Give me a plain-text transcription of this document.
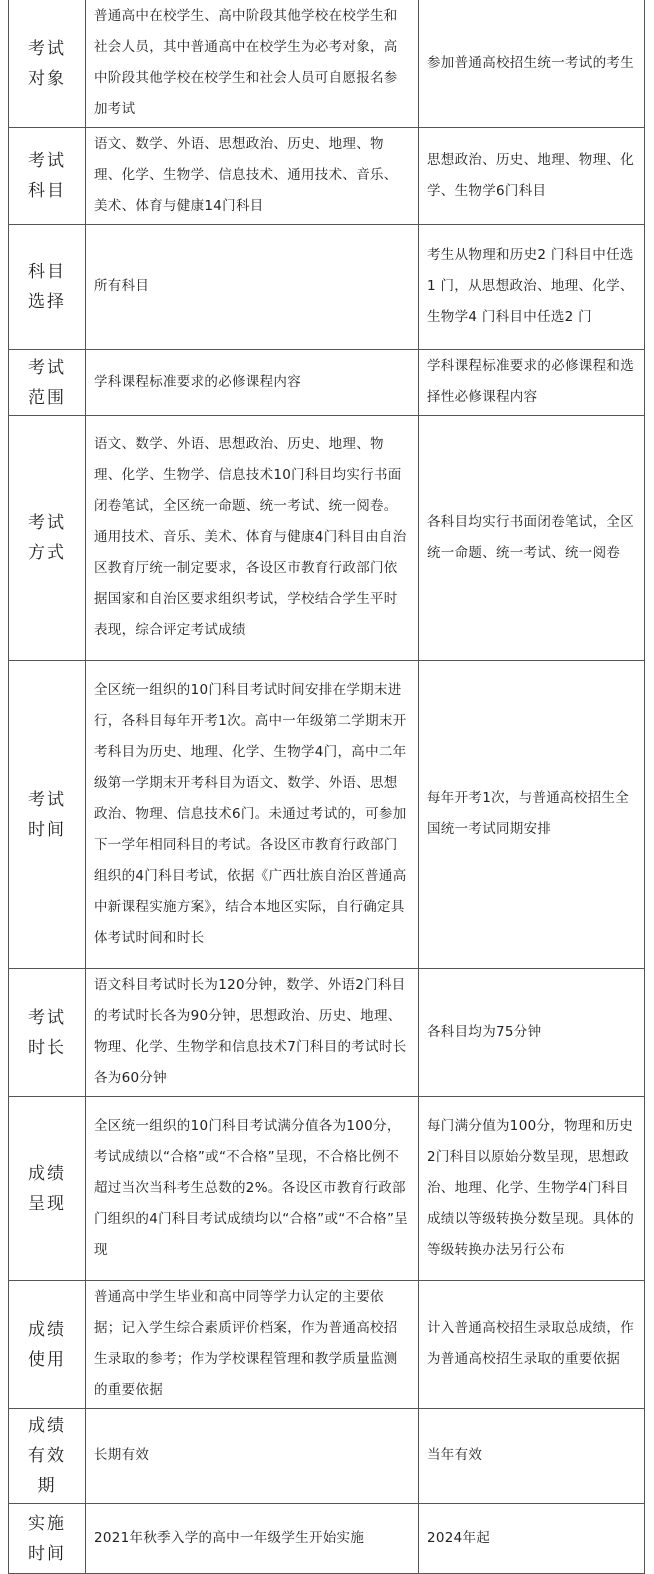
考试对象	普通高中在校学生、高中阶段其他学校在校学生和社会人员，其中普通高中在校学生为必考对象，高中阶段其他学校在校学生和社会人员可自愿报名参加考试	参加普通高校招生统一考试的考生
考试科目	语文、数学、外语、思想政治、历史、地理、物理、化学、生物学、信息技术、通用技术、音乐、美术、体育与健康14门科目	思想政治、历史、地理、物理、化学、生物学6门科目
科目选择	所有科目	考生从物理和历史2 门科目中任选1 门，从思想政治、地理、化学、生物学4 门科目中任选2 门
考试范围	学科课程标准要求的必修课程内容	学科课程标准要求的必修课程和选择性必修课程内容
考试方式	语文、数学、外语、思想政治、历史、地理、物理、化学、生物学、信息技术10门科目均实行书面闭卷笔试，全区统一命题、统一考试、统一阅卷。通用技术、音乐、美术、体育与健康4门科目由自治区教育厅统一制定要求，各设区市教育行政部门依据国家和自治区要求组织考试，学校结合学生平时表现，综合评定考试成绩	各科目均实行书面闭卷笔试，全区统一命题、统一考试、统一阅卷
考试时间	全区统一组织的10门科目考试时间安排在学期末进行，各科目每年开考1次。高中一年级第二学期末开考科目为历史、地理、化学、生物学4门，高中二年级第一学期末开考科目为语文、数学、外语、思想政治、物理、信息技术6门。未通过考试的，可参加下一学年相同科目的考试。各设区市教育行政部门组织的4门科目考试，依据《广西壮族自治区普通高中新课程实施方案》，结合本地区实际，自行确定具体考试时间和时长	每年开考1次，与普通高校招生全国统一考试同期安排
考试时长	语文科目考试时长为120分钟，数学、外语2门科目的考试时长各为90分钟，思想政治、历史、地理、物理、化学、生物学和信息技术7门科目的考试时长各为60分钟	各科目均为75分钟
成绩呈现	全区统一组织的10门科目考试满分值各为100分，考试成绩以“合格”或“不合格”呈现，不合格比例不超过当次当科考生总数的2%。各设区市教育行政部门组织的4门科目考试成绩均以“合格”或“不合格”呈现	每门满分值为100分，物理和历史2门科目以原始分数呈现，思想政治、地理、化学、生物学4门科目成绩以等级转换分数呈现。具体的等级转换办法另行公布
成绩使用	普通高中学生毕业和高中同等学力认定的主要依据；记入学生综合素质评价档案，作为普通高校招生录取的参考；作为学校课程管理和教学质量监测的重要依据	计入普通高校招生录取总成绩，作为普通高校招生录取的重要依据
成绩有效期	长期有效	当年有效
实施时间	2021年秋季入学的高中一年级学生开始实施	2024年起
